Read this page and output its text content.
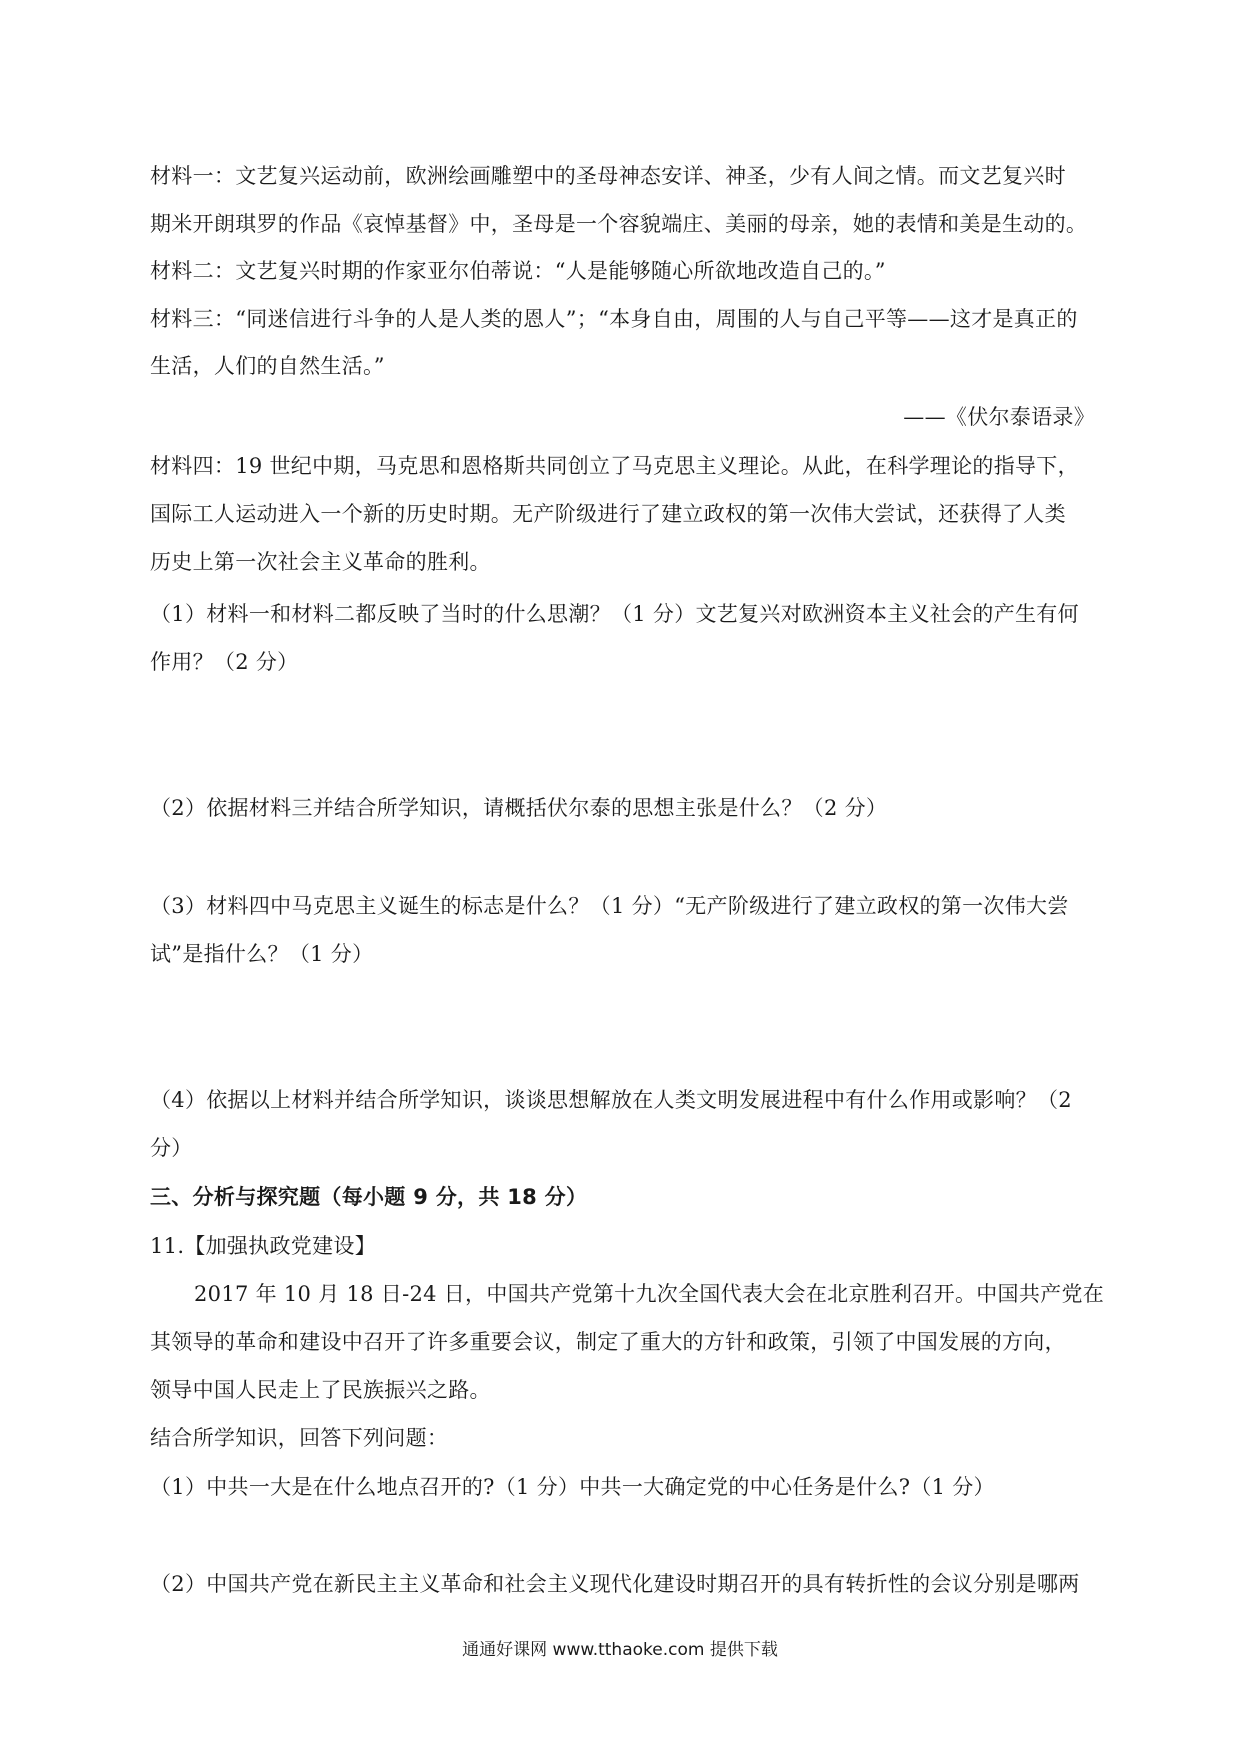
材料一：文艺复兴运动前，欧洲绘画雕塑中的圣母神态安详、神圣，少有人间之情。而文艺复兴时
期米开朗琪罗的作品《哀悼基督》中，圣母是一个容貌端庄、美丽的母亲，她的表情和美是生动的。
材料二：文艺复兴时期的作家亚尔伯蒂说：“人是能够随心所欲地改造自己的。”
材料三：“同迷信进行斗争的人是人类的恩人”；“本身自由，周围的人与自己平等——这才是真正的
生活，人们的自然生活。”
——《伏尔泰语录》
材料四：19 世纪中期，马克思和恩格斯共同创立了马克思主义理论。从此，在科学理论的指导下，
国际工人运动进入一个新的历史时期。无产阶级进行了建立政权的第一次伟大尝试，还获得了人类
历史上第一次社会主义革命的胜利。
（1）材料一和材料二都反映了当时的什么思潮？（1 分）文艺复兴对欧洲资本主义社会的产生有何
作用？（2 分）
（2）依据材料三并结合所学知识，请概括伏尔泰的思想主张是什么？（2 分）
（3）材料四中马克思主义诞生的标志是什么？（1 分）“无产阶级进行了建立政权的第一次伟大尝
试”是指什么？（1 分）
（4）依据以上材料并结合所学知识，谈谈思想解放在人类文明发展进程中有什么作用或影响？（2
分）
三、分析与探究题（每小题 9 分，共 18 分）
11.【加强执政党建设】
2017 年 10 月 18 日-24 日，中国共产党第十九次全国代表大会在北京胜利召开。中国共产党在
其领导的革命和建设中召开了许多重要会议，制定了重大的方针和政策，引领了中国发展的方向，
领导中国人民走上了民族振兴之路。
结合所学知识，回答下列问题：
（1）中共一大是在什么地点召开的?（1 分）中共一大确定党的中心任务是什么?（1 分）
（2）中国共产党在新民主主义革命和社会主义现代化建设时期召开的具有转折性的会议分别是哪两
通通好课网 www.tthaoke.com 提供下载
